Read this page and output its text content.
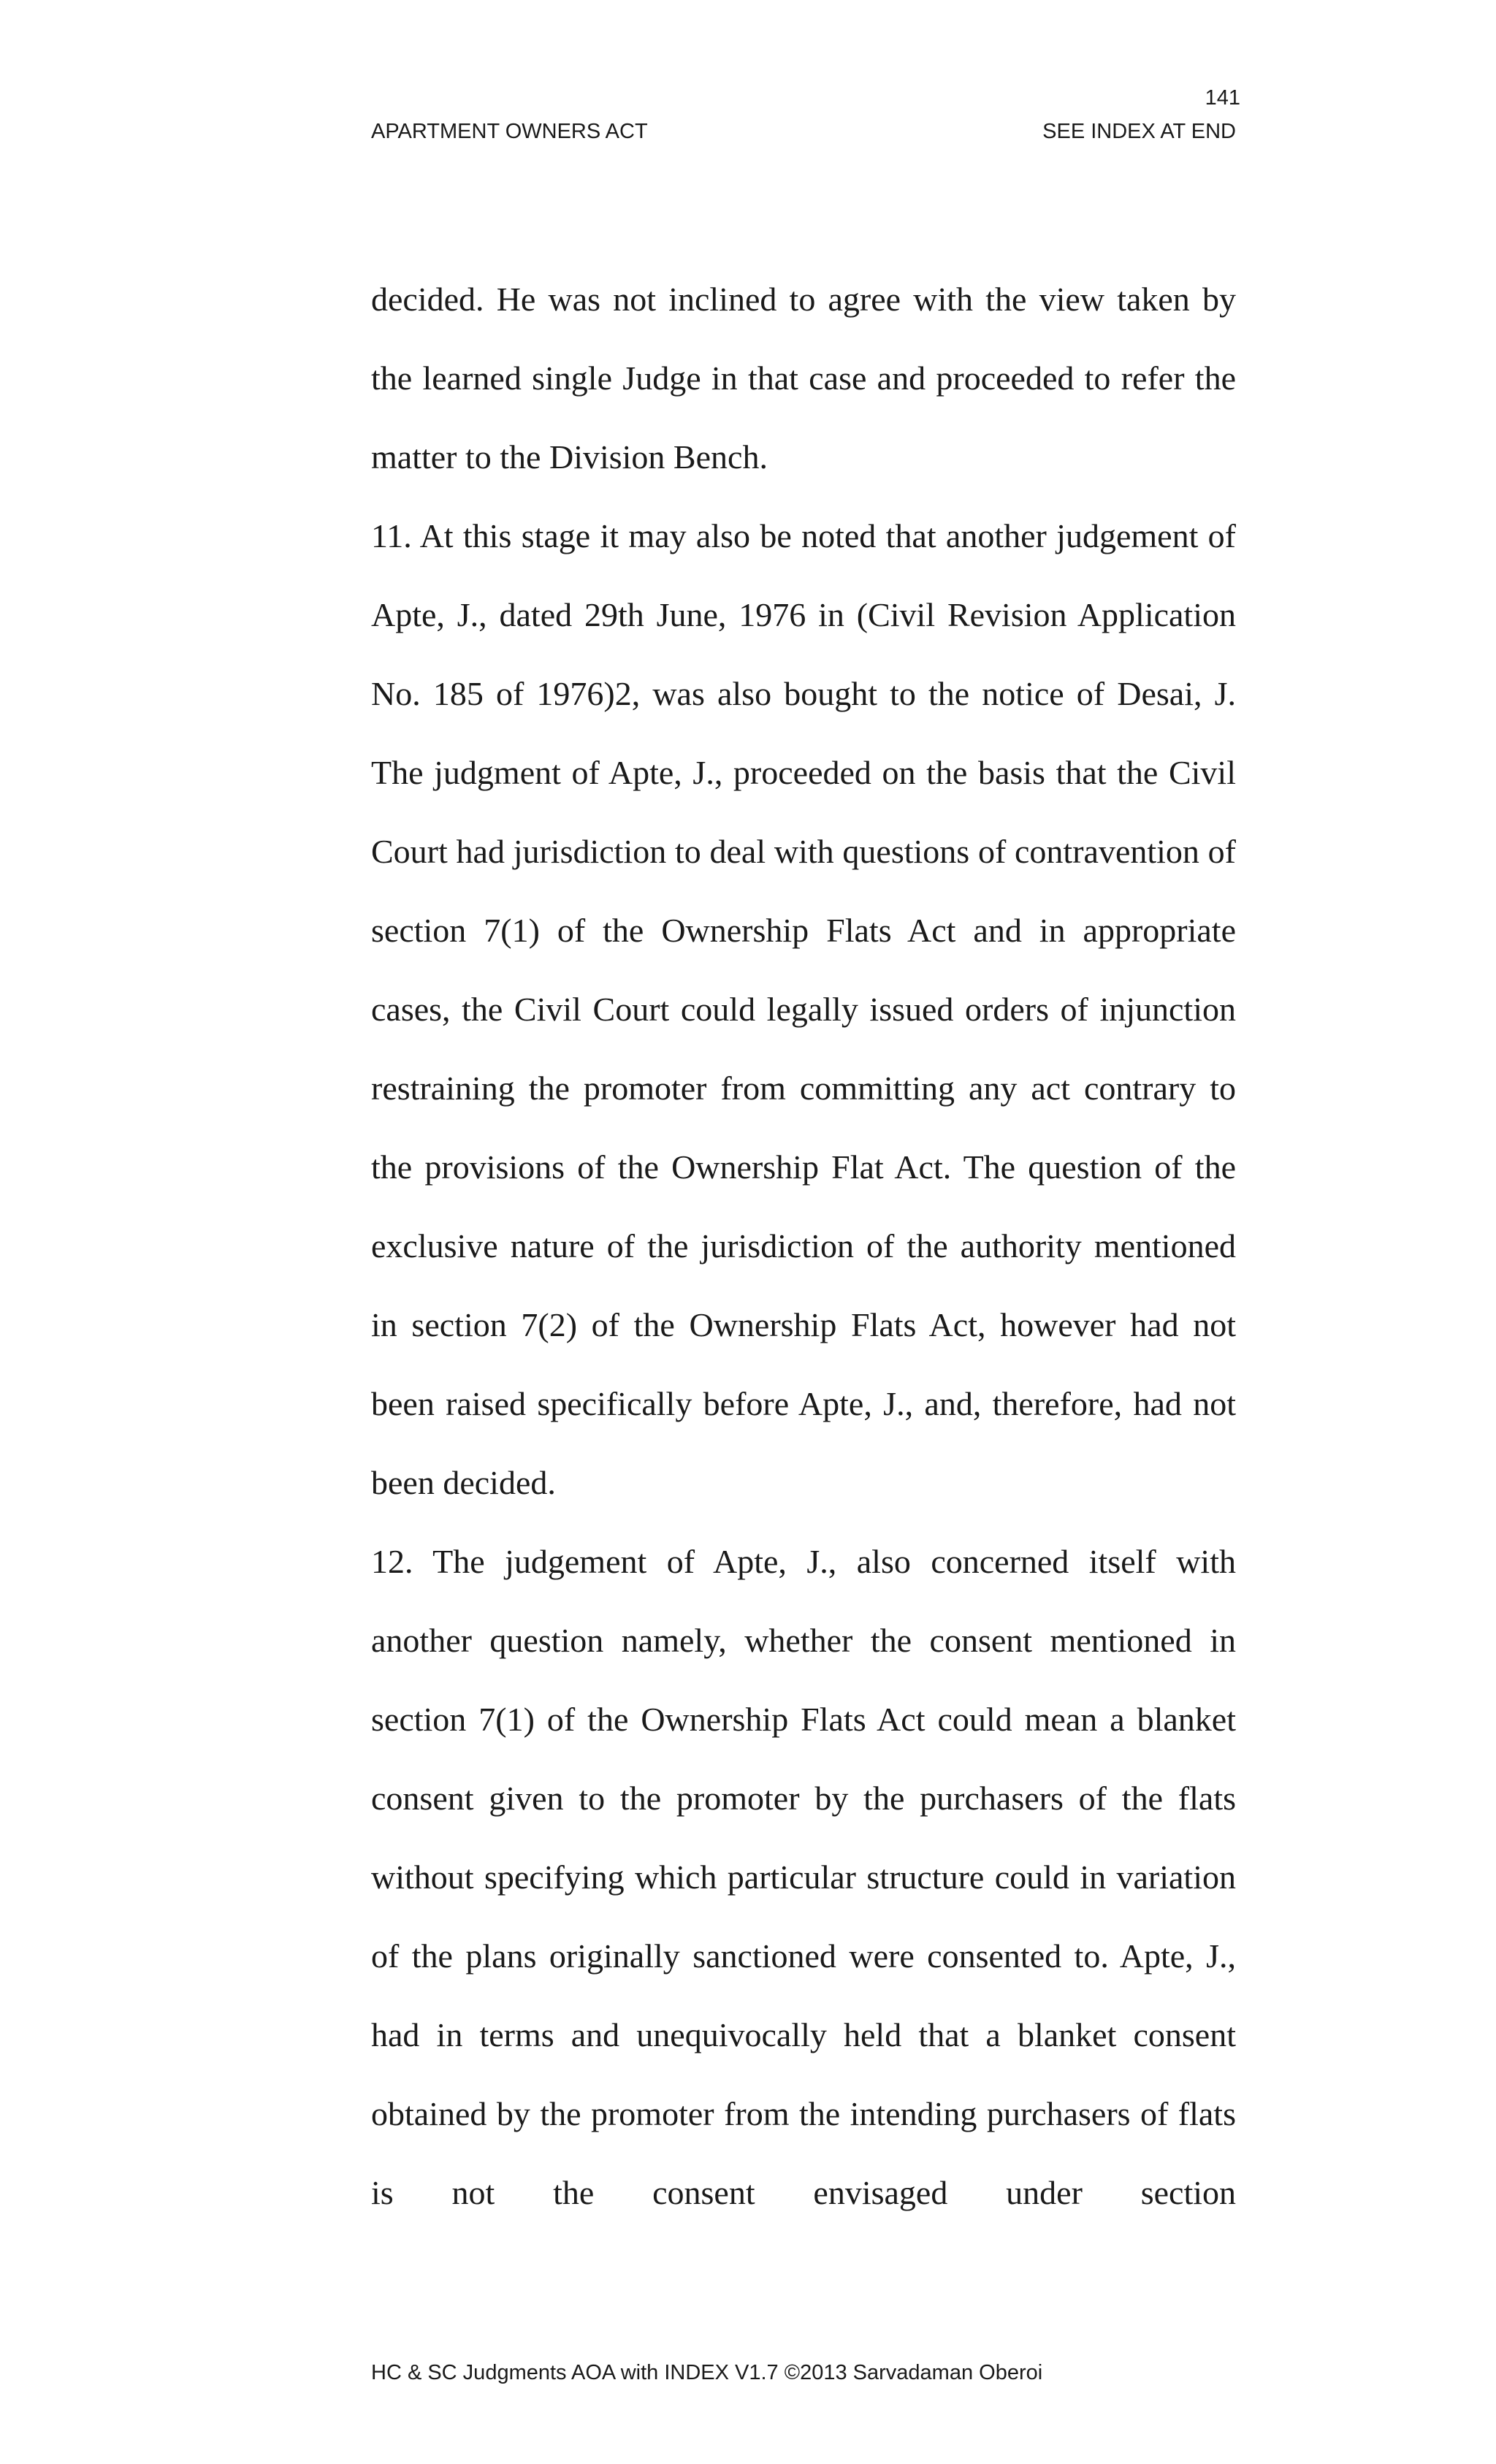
141
APARTMENT OWNERS ACT	SEE INDEX AT END

decided. He was not inclined to agree with the view taken by the learned single Judge in that case and proceeded to refer the matter to the Division Bench.

11. At this stage it may also be noted that another judgement of Apte, J., dated 29th June, 1976 in (Civil Revision Application No. 185 of 1976)2, was also bought to the notice of Desai, J. The judgment of Apte, J., proceeded on the basis that the Civil Court had jurisdiction to deal with questions of contravention of section 7(1) of the Ownership Flats Act and in appropriate cases, the Civil Court could legally issued orders of injunction restraining the promoter from committing any act contrary to the provisions of the Ownership Flat Act. The question of the exclusive nature of the jurisdiction of the authority mentioned in section 7(2) of the Ownership Flats Act, however had not been raised specifically before Apte, J., and, therefore, had not been decided.

12. The judgement of Apte, J., also concerned itself with another question namely, whether the consent mentioned in section 7(1) of the Ownership Flats Act could mean a blanket consent given to the promoter by the purchasers of the flats without specifying which particular structure could in variation of the plans originally sanctioned were consented to. Apte, J., had in terms and unequivocally held that a blanket consent obtained by the promoter from the intending purchasers of flats is not the consent envisaged under section

HC & SC Judgments AOA with INDEX V1.7 ©2013 Sarvadaman Oberoi
